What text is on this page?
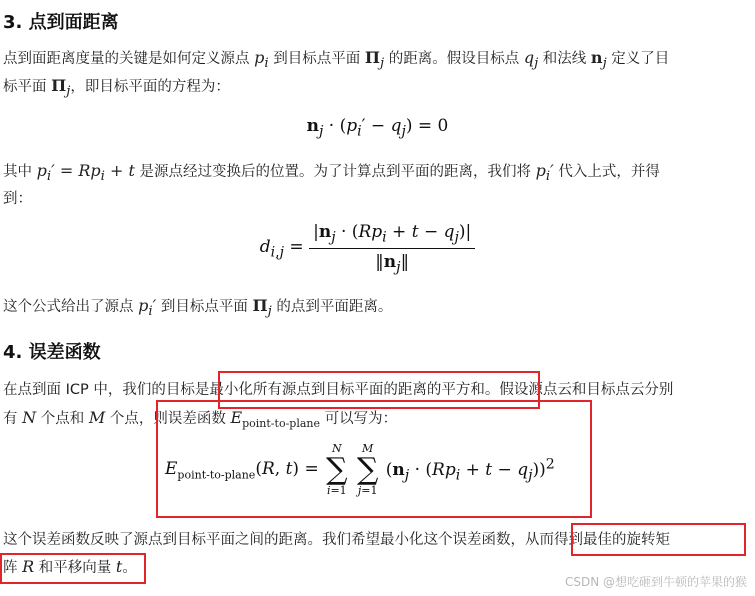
3. 点到面距离
点到面距离度量的关键是如何定义源点 $p_i$ 到目标点平面 $\Pi_j$ 的距离。假设目标点 $q_j$ 和法线 $n_j$ 定义了目
标平面 $\Pi_j$，即目标平面的方程为：
$n_j \cdot (p_i' - q_j) = 0$
其中 $p_i' = Rp_i + t$ 是源点经过变换后的位置。为了计算点到平面的距离，我们将 $p_i'$ 代入上式，并得
到：
$d_{i,j} = \frac{|n_j \cdot (Rp_i + t - q_j)|}{‖n_j‖}$
这个公式给出了源点 $p_i'$ 到目标点平面 $\Pi_j$ 的点到平面距离。
4. 误差函数
在点到面 ICP 中，我们的目标是最小化所有源点到目标平面的距离的平方和。假设源点云和目标点云分别
有 N 个点和 M 个点，则误差函数 $E_{point-to-plane}$ 可以写为：
$E_{point-to-plane}(R$, t) =
N
∑
i=1

M
∑
j=1
$(n_j \cdot (Rp_i + t - q_j))^2$
这个误差函数反映了源点到目标平面之间的距离。我们希望最小化这个误差函数，从而得到最佳的旋转矩
阵 R 和平移向量 t。
CSDN @想吃砸到牛顿的苹果的猴
